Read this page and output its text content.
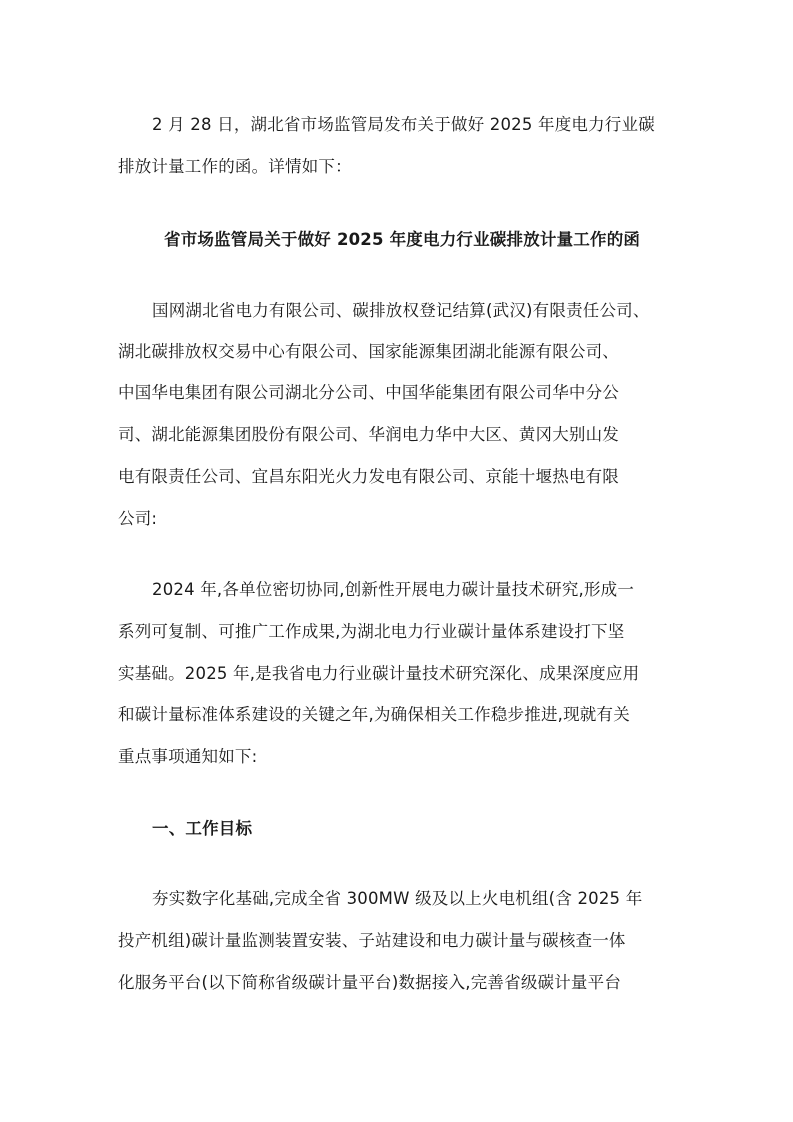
2 月 28 日，湖北省市场监管局发布关于做好 2025 年度电力行业碳
排放计量工作的函。详情如下：
省市场监管局关于做好 2025 年度电力行业碳排放计量工作的函
国网湖北省电力有限公司、碳排放权登记结算(武汉)有限责任公司、
湖北碳排放权交易中心有限公司、国家能源集团湖北能源有限公司、
中国华电集团有限公司湖北分公司、中国华能集团有限公司华中分公
司、湖北能源集团股份有限公司、华润电力华中大区、黄冈大别山发
电有限责任公司、宜昌东阳光火力发电有限公司、京能十堰热电有限
公司:
2024 年,各单位密切协同,创新性开展电力碳计量技术研究,形成一
系列可复制、可推广工作成果,为湖北电力行业碳计量体系建设打下坚
实基础。2025 年,是我省电力行业碳计量技术研究深化、成果深度应用
和碳计量标准体系建设的关键之年,为确保相关工作稳步推进,现就有关
重点事项通知如下:
一、工作目标
夯实数字化基础,完成全省 300MW 级及以上火电机组(含 2025 年
投产机组)碳计量监测装置安装、子站建设和电力碳计量与碳核查一体
化服务平台(以下简称省级碳计量平台)数据接入,完善省级碳计量平台
